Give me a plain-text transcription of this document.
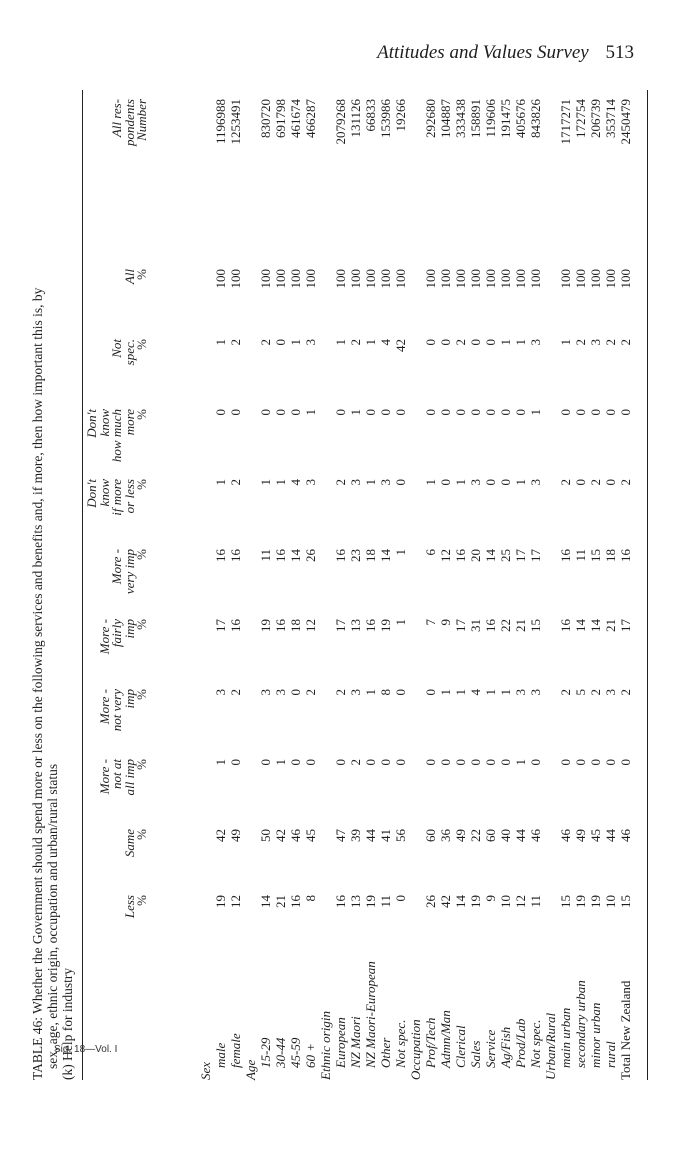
Attitudes and Values Survey 513
TABLE 46: Whether the Government should spend more or less on the following services and benefits and, if more, then how important this is, by sex, age, ethnic origin, occupation and urban/rural status (k) Help for industry
Less
%
Same
%
More -
not at
all imp
%
More -
not very
imp
%
More -
fairly
imp
%
More -
very imp
%
Don't
know
if more
or less
%
Don't
know
how much
more
%
Not
spec.
%
All
%
All res-
pondents
Number
Sex
male
19
42
1
3
17
16
1
0
1
100
1196988
female
12
49
0
2
16
16
2
0
2
100
1253491
Age
15-29
14
50
0
3
19
11
1
0
2
100
830720
30-44
21
42
1
3
16
16
1
0
0
100
691798
45-59
16
46
0
0
18
14
4
0
1
100
461674
60 +
8
45
0
2
12
26
3
1
3
100
466287
Ethnic origin European
16
47
0
2
17
16
2
0
1
100
2079268
NZ Maori
13
39
2
3
13
23
3
1
2
100
131126
NZ Maori-European
19
44
0
1
16
18
1
0
1
100
66833
Other
11
41
0
8
19
14
3
0
4
100
153986
Not spec.
0
56
0
0
1
1
0
0
42
100
19266
Occupation Prof/Tech
26
60
0
0
7
6
1
0
0
100
292680
Admn/Man
42
36
0
1
9
12
0
0
0
100
104887
Clerical
14
49
0
1
17
16
1
0
2
100
333438
Sales
19
22
0
4
31
20
3
0
0
100
158891
Service
9
60
0
1
16
14
0
0
0
100
119606
Ag/Fish
10
40
0
1
22
25
0
0
1
100
191475
Prod/Lab
12
44
1
3
21
17
1
0
1
100
405676
Not spec.
11
46
0
3
15
17
3
1
3
100
843826
Urban/Rural main urban
15
46
0
2
16
16
2
0
1
100
1717271
secondary urban
19
49
0
5
14
11
0
0
2
100
172754
minor urban
19
45
0
2
14
15
2
0
3
100
206739
rural
10
44
0
3
21
18
0
0
2
100
353714
Total New Zealand
15
46
0
2
17
16
2
0
2
100
2450479
Sig. 18—Vol. I
